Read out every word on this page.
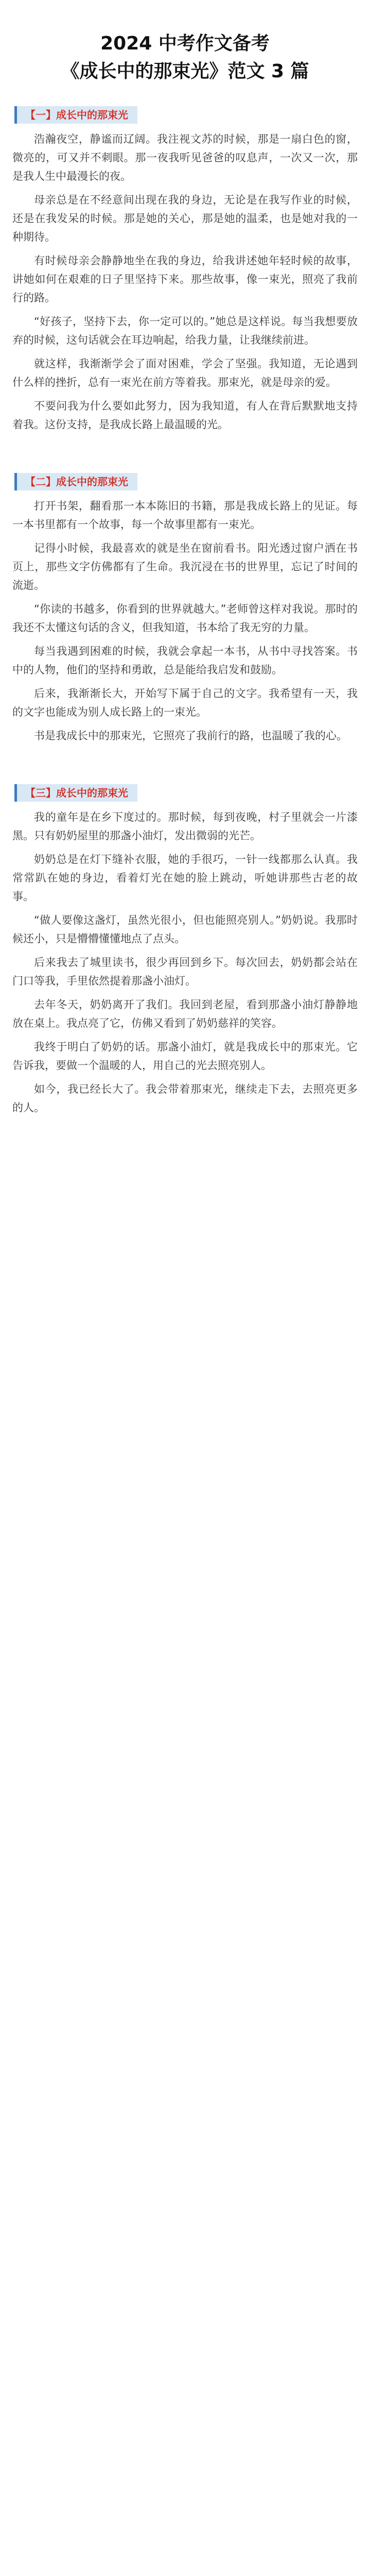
2024 中考作文备考
《成长中的那束光》范文 3 篇
【一】成长中的那束光

浩瀚夜空，静谧而辽阔。我注视文苏的时候，那是一扇白色的窗，微亮的，可又并不刺眼。那一夜我听见爸爸的叹息声，一次又一次，那是我人生中最漫长的夜。

母亲总是在不经意间出现在我的身边，无论是在我写作业的时候，还是在我发呆的时候。那是她的关心，那是她的温柔，也是她对我的一种期待。

有时候母亲会静静地坐在我的身边，给我讲述她年轻时候的故事，讲她如何在艰难的日子里坚持下来。那些故事，像一束光，照亮了我前行的路。

“好孩子，坚持下去，你一定可以的。”她总是这样说。每当我想要放弃的时候，这句话就会在耳边响起，给我力量，让我继续前进。

就这样，我渐渐学会了面对困难，学会了坚强。我知道，无论遇到什么样的挫折，总有一束光在前方等着我。那束光，就是母亲的爱。

不要问我为什么要如此努力，因为我知道，有人在背后默默地支持着我。这份支持，是我成长路上最温暖的光。

【二】成长中的那束光

打开书架，翻看那一本本陈旧的书籍，那是我成长路上的见证。每一本书里都有一个故事，每一个故事里都有一束光。

记得小时候，我最喜欢的就是坐在窗前看书。阳光透过窗户洒在书页上，那些文字仿佛都有了生命。我沉浸在书的世界里，忘记了时间的流逝。

“你读的书越多，你看到的世界就越大。”老师曾这样对我说。那时的我还不太懂这句话的含义，但我知道，书本给了我无穷的力量。

每当我遇到困难的时候，我就会拿起一本书，从书中寻找答案。书中的人物，他们的坚持和勇敢，总是能给我启发和鼓励。

后来，我渐渐长大，开始写下属于自己的文字。我希望有一天，我的文字也能成为别人成长路上的一束光。

书是我成长中的那束光，它照亮了我前行的路，也温暖了我的心。

【三】成长中的那束光

我的童年是在乡下度过的。那时候，每到夜晚，村子里就会一片漆黑。只有奶奶屋里的那盏小油灯，发出微弱的光芒。

奶奶总是在灯下缝补衣服，她的手很巧，一针一线都那么认真。我常常趴在她的身边，看着灯光在她的脸上跳动，听她讲那些古老的故事。

“做人要像这盏灯，虽然光很小，但也能照亮别人。”奶奶说。我那时候还小，只是懵懵懂懂地点了点头。

后来我去了城里读书，很少再回到乡下。每次回去，奶奶都会站在门口等我，手里依然提着那盏小油灯。

去年冬天，奶奶离开了我们。我回到老屋，看到那盏小油灯静静地放在桌上。我点亮了它，仿佛又看到了奶奶慈祥的笑容。

我终于明白了奶奶的话。那盏小油灯，就是我成长中的那束光。它告诉我，要做一个温暖的人，用自己的光去照亮别人。

如今，我已经长大了。我会带着那束光，继续走下去，去照亮更多的人。
